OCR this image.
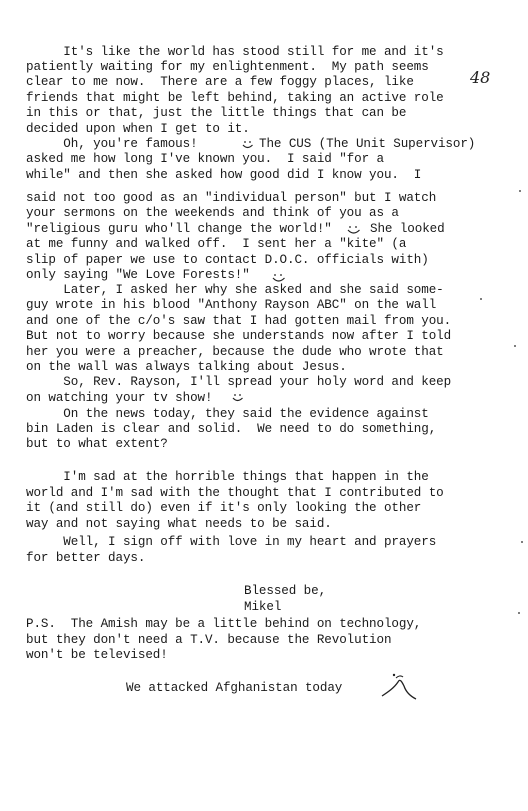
48
It's like the world has stood still for me and it's
patiently waiting for my enlightenment.  My path seems
clear to me now.  There are a few foggy places, like
friends that might be left behind, taking an active role
in this or that, just the little things that can be
decided upon when I get to it.
Oh, you're famous!	The CUS (The Unit Supervisor)
asked me how long I've known you.  I said "for a
while" and then she asked how good did I know you.  I
said not too good as an "individual person" but I watch
your sermons on the weekends and think of you as a
"religious guru who'll change the world!"	She looked
at me funny and walked off.  I sent her a "kite" (a
slip of paper we use to contact D.O.C. officials with)
only saying "We Love Forests!"
Later, I asked her why she asked and she said some-
guy wrote in his blood "Anthony Rayson ABC" on the wall
and one of the c/o's saw that I had gotten mail from you.
But not to worry because she understands now after I told
her you were a preacher, because the dude who wrote that
on the wall was always talking about Jesus.
So, Rev. Rayson, I'll spread your holy word and keep
on watching your tv show!
On the news today, they said the evidence against
bin Laden is clear and solid.  We need to do something,
but to what extent?
I'm sad at the horrible things that happen in the
world and I'm sad with the thought that I contributed to
it (and still do) even if it's only looking the other
way and not saying what needs to be said.
Well, I sign off with love in my heart and prayers
for better days.
Blessed be,
Mikel
P.S.  The Amish may be a little behind on technology,
but they don't need a T.V. because the Revolution
won't be televised!
We attacked Afghanistan today
